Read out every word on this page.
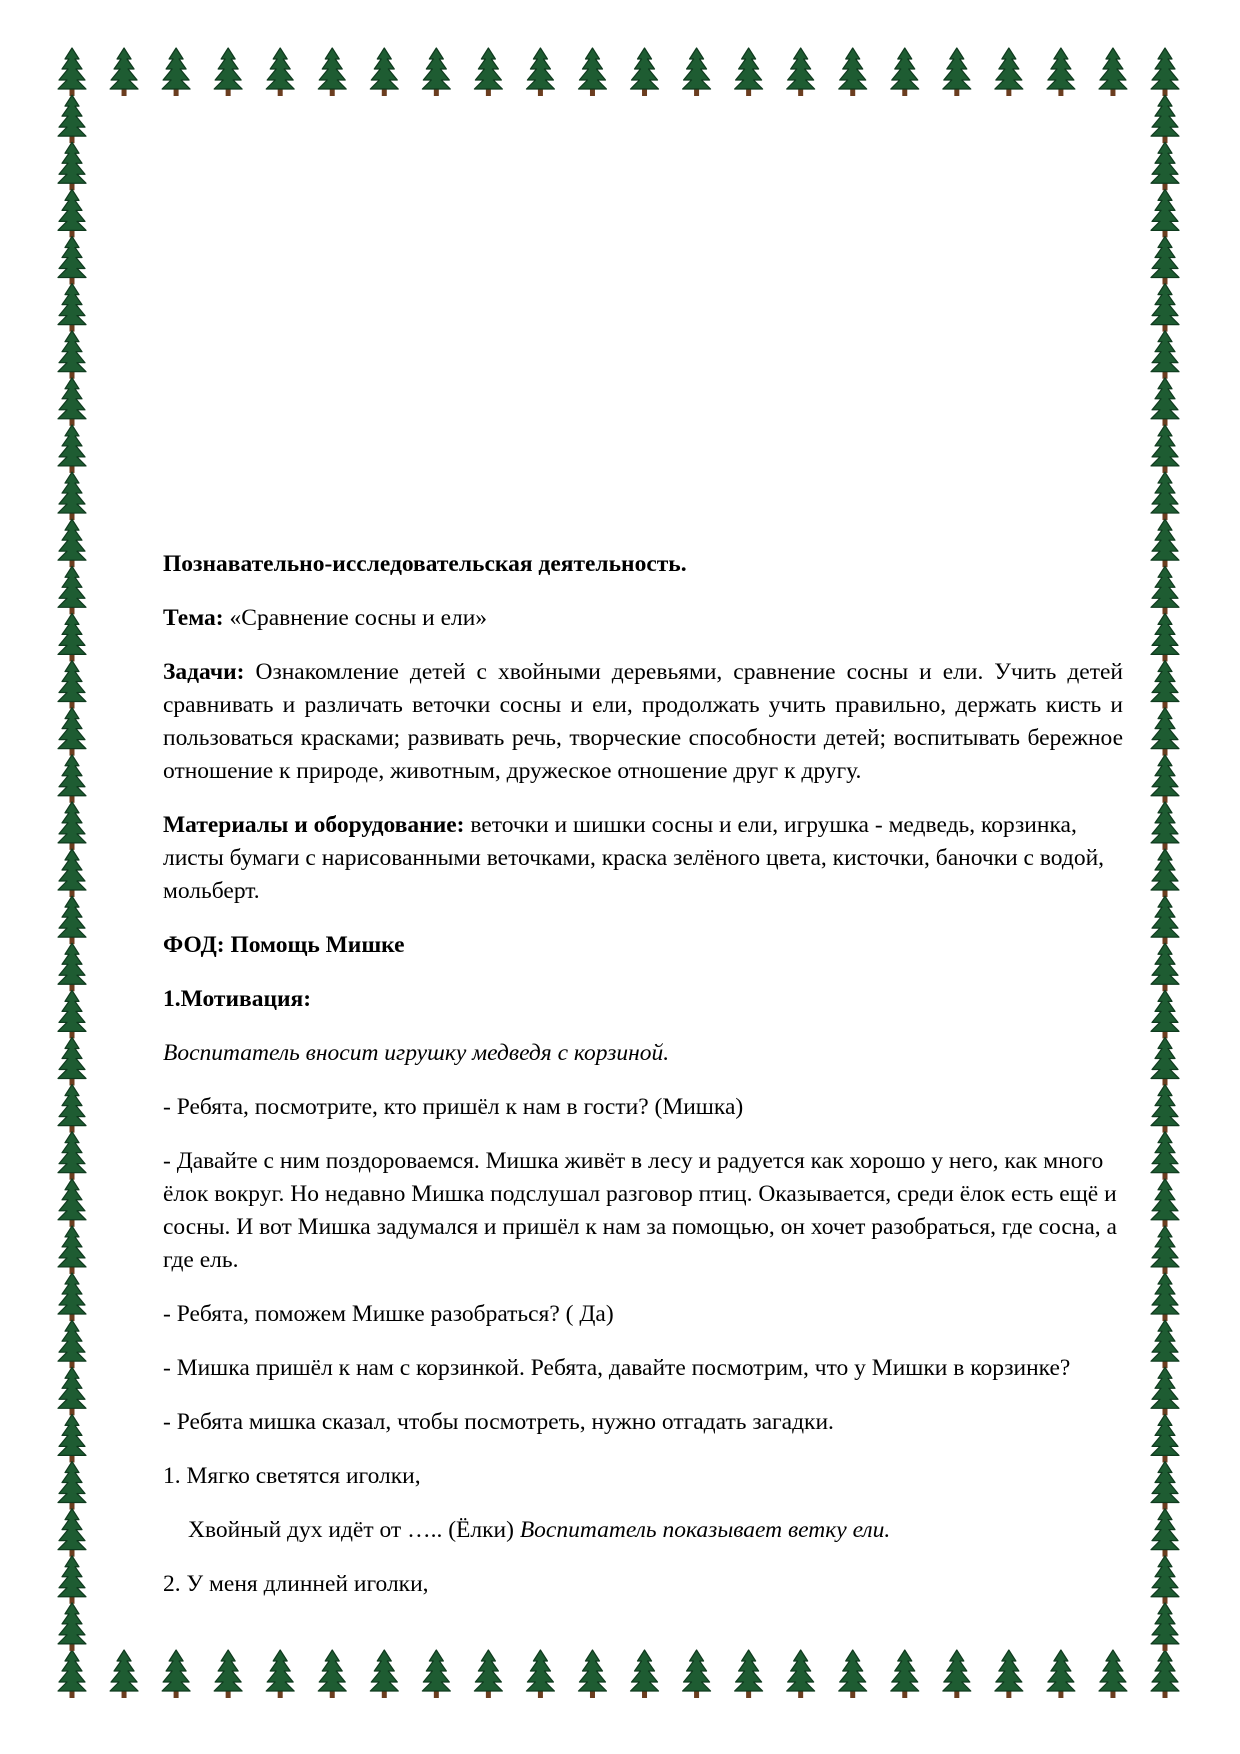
Познавательно-исследовательская деятельность.

Тема: «Сравнение сосны и ели»

Задачи: Ознакомление детей с хвойными деревьями, сравнение сосны и ели. Учить детей сравнивать и различать веточки сосны и ели, продолжать учить правильно, держать кисть и пользоваться красками; развивать речь, творческие способности детей; воспитывать бережное отношение к природе, животным, дружеское отношение друг к другу.

Материалы и оборудование: веточки и шишки сосны и ели, игрушка - медведь, корзинка, листы бумаги с нарисованными веточками, краска зелёного цвета, кисточки, баночки с водой, мольберт.

ФОД: Помощь Мишке

1.Мотивация:

Воспитатель вносит игрушку медведя с корзиной.

- Ребята, посмотрите, кто пришёл к нам в гости? (Мишка)

- Давайте с ним поздороваемся. Мишка живёт в лесу и радуется как хорошо у него, как много ёлок вокруг. Но недавно Мишка подслушал разговор птиц. Оказывается, среди ёлок есть ещё и сосны. И вот Мишка задумался и пришёл к нам за помощью, он хочет разобраться, где сосна, а где ель.

- Ребята, поможем Мишке разобраться? ( Да)

- Мишка пришёл к нам с корзинкой. Ребята, давайте посмотрим, что у Мишки в корзинке?

- Ребята мишка сказал, чтобы посмотреть, нужно отгадать загадки.

1. Мягко светятся иголки,

Хвойный дух идёт от ….. (Ёлки) Воспитатель показывает ветку ели.

2. У меня длинней иголки,
